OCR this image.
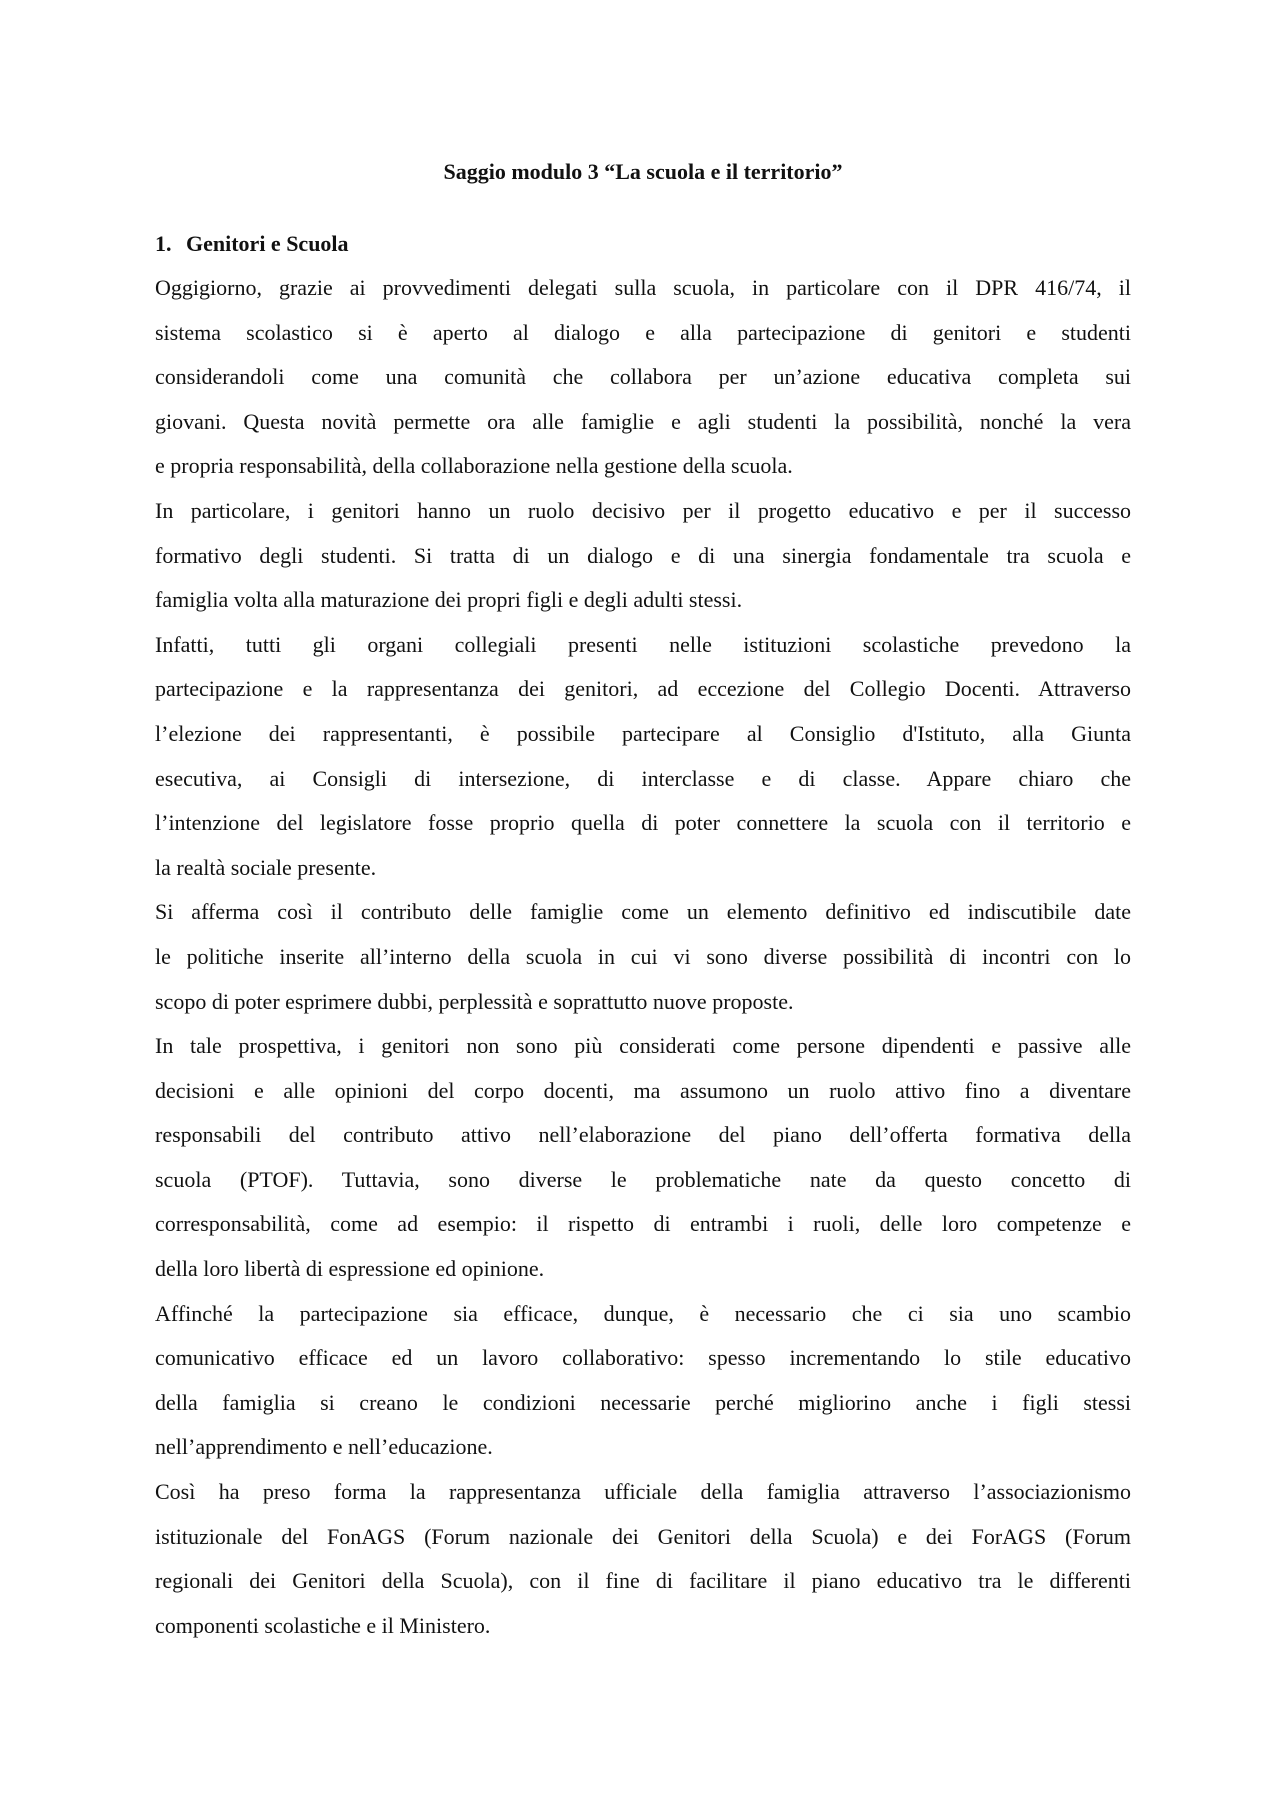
Saggio modulo 3 “La scuola e il territorio”
1. Genitori e Scuola

Oggigiorno, grazie ai provvedimenti delegati sulla scuola, in particolare con il DPR 416/74, il
sistema scolastico si è aperto al dialogo e alla partecipazione di genitori e studenti
considerandoli come una comunità che collabora per un’azione educativa completa sui
giovani. Questa novità permette ora alle famiglie e agli studenti la possibilità, nonché la vera
e propria responsabilità, della collaborazione nella gestione della scuola.

In particolare, i genitori hanno un ruolo decisivo per il progetto educativo e per il successo
formativo degli studenti. Si tratta di un dialogo e di una sinergia fondamentale tra scuola e
famiglia volta alla maturazione dei propri figli e degli adulti stessi.

Infatti, tutti gli organi collegiali presenti nelle istituzioni scolastiche prevedono la
partecipazione e la rappresentanza dei genitori, ad eccezione del Collegio Docenti. Attraverso
l’elezione dei rappresentanti, è possibile partecipare al Consiglio d'Istituto, alla Giunta
esecutiva, ai Consigli di intersezione, di interclasse e di classe. Appare chiaro che
l’intenzione del legislatore fosse proprio quella di poter connettere la scuola con il territorio e
la realtà sociale presente.

Si afferma così il contributo delle famiglie come un elemento definitivo ed indiscutibile date
le politiche inserite all’interno della scuola in cui vi sono diverse possibilità di incontri con lo
scopo di poter esprimere dubbi, perplessità e soprattutto nuove proposte.

In tale prospettiva, i genitori non sono più considerati come persone dipendenti e passive alle
decisioni e alle opinioni del corpo docenti, ma assumono un ruolo attivo fino a diventare
responsabili del contributo attivo nell’elaborazione del piano dell’offerta formativa della
scuola (PTOF). Tuttavia, sono diverse le problematiche nate da questo concetto di
corresponsabilità, come ad esempio: il rispetto di entrambi i ruoli, delle loro competenze e
della loro libertà di espressione ed opinione.

Affinché la partecipazione sia efficace, dunque, è necessario che ci sia uno scambio
comunicativo efficace ed un lavoro collaborativo: spesso incrementando lo stile educativo
della famiglia si creano le condizioni necessarie perché migliorino anche i figli stessi
nell’apprendimento e nell’educazione.

Così ha preso forma la rappresentanza ufficiale della famiglia attraverso l’associazionismo
istituzionale del FonAGS (Forum nazionale dei Genitori della Scuola) e dei ForAGS (Forum
regionali dei Genitori della Scuola), con il fine di facilitare il piano educativo tra le differenti
componenti scolastiche e il Ministero.
